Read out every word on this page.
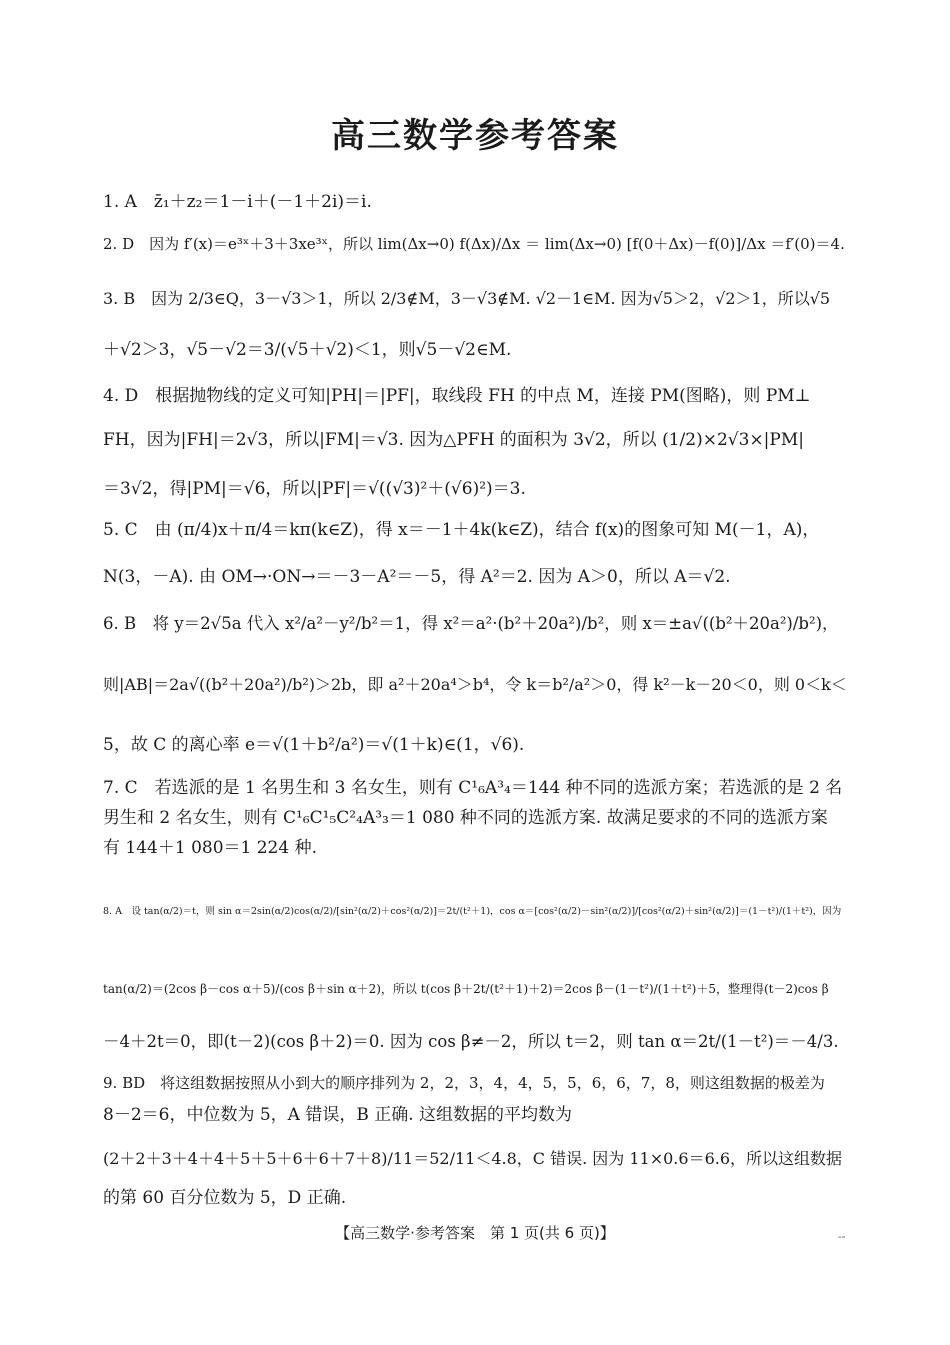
高三数学参考答案
1. A　z̄₁＋z₂＝1－i＋(－1＋2i)＝i.
2. D　因为 f′(x)＝e³ˣ＋3＋3xe³ˣ，所以 lim(Δx→0) f(Δx)/Δx ＝ lim(Δx→0) [f(0＋Δx)－f(0)]/Δx ＝f′(0)＝4.
3. B　因为 2/3∈Q，3－√3＞1，所以 2/3∉M，3－√3∉M. √2－1∈M. 因为√5＞2，√2＞1，所以√5
＋√2＞3，√5－√2＝3/(√5＋√2)＜1，则√5－√2∈M.
4. D　根据抛物线的定义可知|PH|＝|PF|，取线段 FH 的中点 M，连接 PM(图略)，则 PM⊥
FH，因为|FH|＝2√3，所以|FM|＝√3. 因为△PFH 的面积为 3√2，所以 (1/2)×2√3×|PM|
＝3√2，得|PM|＝√6，所以|PF|＝√((√3)²＋(√6)²)＝3.
5. C　由 (π/4)x＋π/4＝kπ(k∈Z)，得 x＝－1＋4k(k∈Z)，结合 f(x)的图象可知 M(－1，A)，
N(3，－A). 由 OM→·ON→＝－3－A²＝－5，得 A²＝2. 因为 A＞0，所以 A＝√2.
6. B　将 y＝2√5a 代入 x²/a²－y²/b²＝1，得 x²＝a²·(b²＋20a²)/b²，则 x＝±a√((b²＋20a²)/b²)，
则|AB|＝2a√((b²＋20a²)/b²)＞2b，即 a²＋20a⁴＞b⁴，令 k＝b²/a²＞0，得 k²－k－20＜0，则 0＜k＜
5，故 C 的离心率 e＝√(1＋b²/a²)＝√(1＋k)∈(1，√6).
7. C　若选派的是 1 名男生和 3 名女生，则有 C¹₆A³₄＝144 种不同的选派方案；若选派的是 2 名
男生和 2 名女生，则有 C¹₆C¹₅C²₄A³₃＝1 080 种不同的选派方案. 故满足要求的不同的选派方案
有 144＋1 080＝1 224 种.
8. A　设 tan(α/2)＝t，则 sin α＝2sin(α/2)cos(α/2)/[sin²(α/2)＋cos²(α/2)]＝2t/(t²＋1)，cos α＝[cos²(α/2)－sin²(α/2)]/[cos²(α/2)＋sin²(α/2)]＝(1－t²)/(1＋t²)，因为
tan(α/2)＝(2cos β－cos α＋5)/(cos β＋sin α＋2)，所以 t(cos β＋2t/(t²＋1)＋2)＝2cos β－(1－t²)/(1＋t²)＋5，整理得(t－2)cos β
－4＋2t＝0，即(t－2)(cos β＋2)＝0. 因为 cos β≠－2，所以 t＝2，则 tan α＝2t/(1－t²)＝－4/3.
9. BD　将这组数据按照从小到大的顺序排列为 2，2，3，4，4，5，5，6，6，7，8，则这组数据的极差为
8－2＝6，中位数为 5，A 错误，B 正确. 这组数据的平均数为
(2＋2＋3＋4＋4＋5＋5＋6＋6＋7＋8)/11＝52/11＜4.8，C 错误. 因为 11×0.6＝6.6，所以这组数据
的第 60 百分位数为 5，D 正确.
【高三数学·参考答案　第 1 页(共 6 页)】	--
